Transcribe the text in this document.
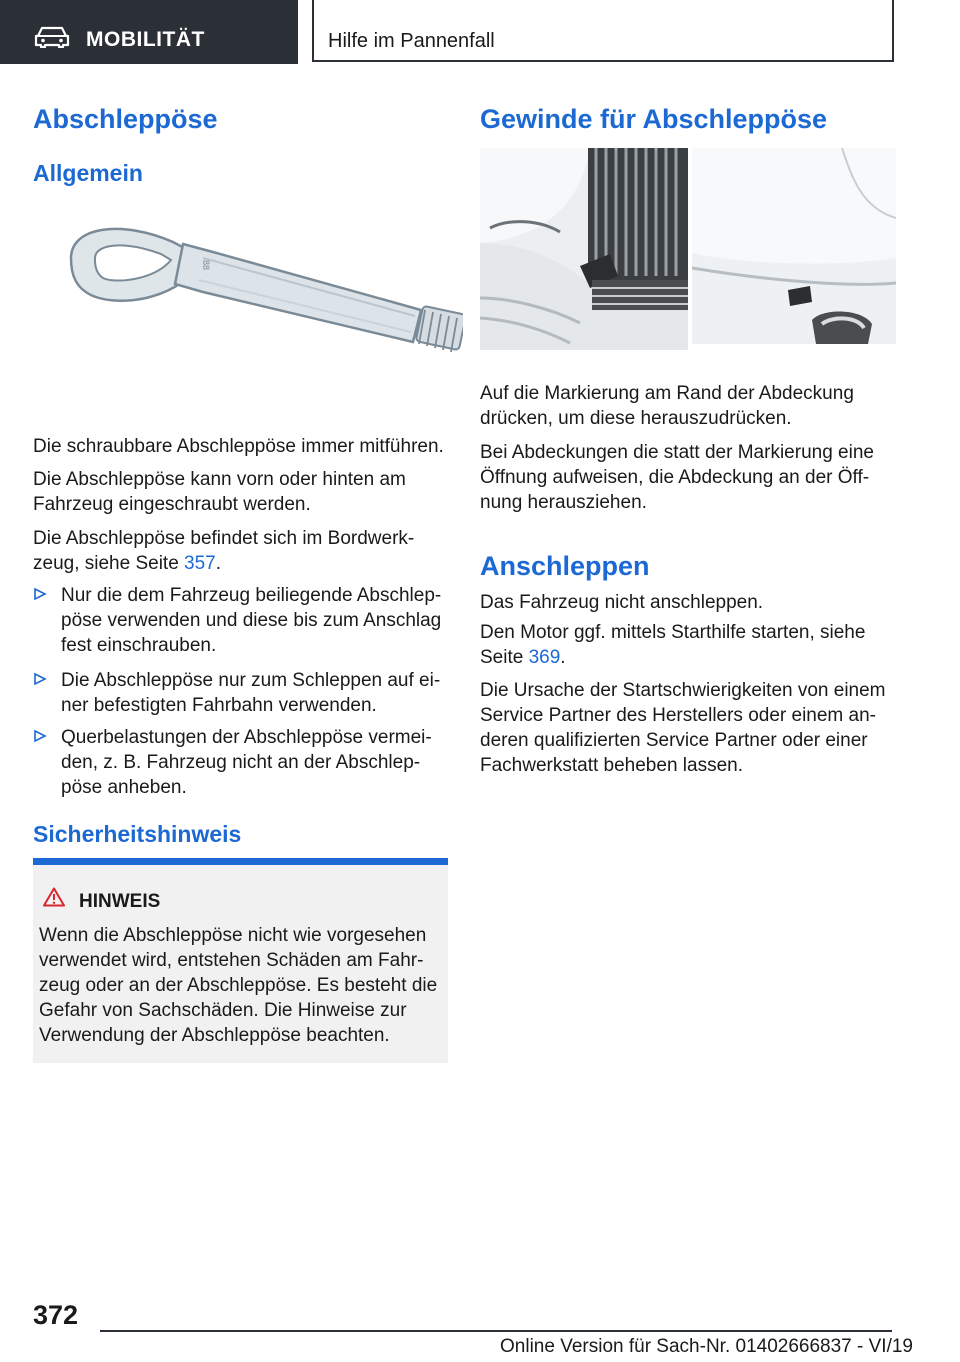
MOBILITÄT	Hilfe im Pannenfall
Abschleppöse
Allgemein
88

Die schraubbare Abschleppöse immer mitführen.

Die Abschleppöse kann vorn oder hinten am Fahrzeug eingeschraubt werden.

Die Abschleppöse befindet sich im Bordwerk-zeug, siehe Seite 357.

Nur die dem Fahrzeug beiliegende Abschlep-pöse verwenden und diese bis zum Anschlag fest einschrauben.
Die Abschleppöse nur zum Schleppen auf ei-ner befestigten Fahrbahn verwenden.
Querbelastungen der Abschleppöse vermei-den, z. B. Fahrzeug nicht an der Abschlep-pöse anheben.
Sicherheitshinweis
HINWEIS
Wenn die Abschleppöse nicht wie vorgesehen verwendet wird, entstehen Schäden am Fahr-zeug oder an der Abschleppöse. Es besteht die Gefahr von Sachschäden. Die Hinweise zur Verwendung der Abschleppöse beachten.
Gewinde für Abschleppöse

Auf die Markierung am Rand der Abdeckung drücken, um diese herauszudrücken.

Bei Abdeckungen die statt der Markierung eine Öffnung aufweisen, die Abdeckung an der Öff-nung herausziehen.

Anschleppen

Das Fahrzeug nicht anschleppen.

Den Motor ggf. mittels Starthilfe starten, siehe Seite 369.

Die Ursache der Startschwierigkeiten von einem Service Partner des Herstellers oder einem an-deren qualifizierten Service Partner oder einer Fachwerkstatt beheben lassen.

372
Online Version für Sach-Nr. 01402666837 - VI/19
